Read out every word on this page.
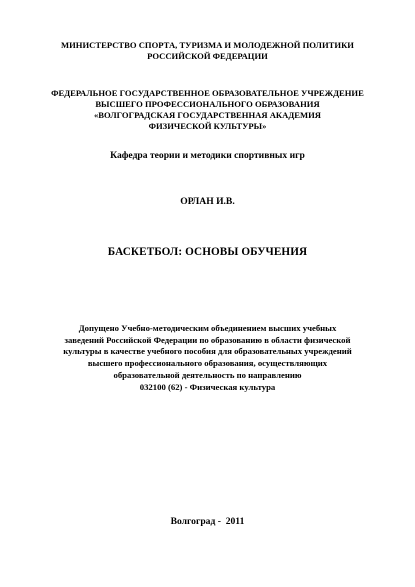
МИНИСТЕРСТВО СПОРТА, ТУРИЗМА И МОЛОДЕЖНОЙ ПОЛИТИКИ
РОССИЙСКОЙ ФЕДЕРАЦИИ
ФЕДЕРАЛЬНОЕ ГОСУДАРСТВЕННОЕ ОБРАЗОВАТЕЛЬНОЕ УЧРЕЖДЕНИЕ
ВЫСШЕГО ПРОФЕССИОНАЛЬНОГО ОБРАЗОВАНИЯ
«ВОЛГОГРАДСКАЯ ГОСУДАРСТВЕННАЯ АКАДЕМИЯ
ФИЗИЧЕСКОЙ КУЛЬТУРЫ»
Кафедра теории и методики спортивных игр
ОРЛАН И.В.
БАСКЕТБОЛ: ОСНОВЫ ОБУЧЕНИЯ
Допущено Учебно-методическим объединением высших учебных
заведений Российской Федерации по образованию в области физической
культуры в качестве учебного пособия для образовательных учреждений
высшего профессионального образования, осуществляющих
образовательной деятельность по направлению
032100 (62) - Физическая культура
Волгоград -  2011
